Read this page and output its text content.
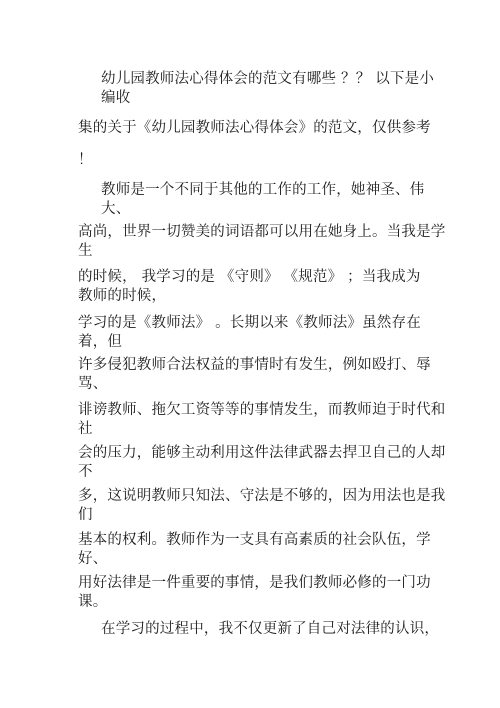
幼儿园教师法心得体会的范文有哪些 ？？ 以下是小
编收
集的关于《幼儿园教师法心得体会》的范文，仅供参考
！
教师是一个不同于其他的工作的工作，她神圣、伟
大、
高尚，世界一切赞美的词语都可以用在她身上。当我是学
生
的时候， 我学习的是 《守则》 《规范》 ；当我成为
教师的时候，
学习的是《教师法》 。长期以来《教师法》虽然存在
着，但
许多侵犯教师合法权益的事情时有发生，例如殴打、辱
骂、
诽谤教师、拖欠工资等等的事情发生，而教师迫于时代和
社
会的压力，能够主动利用这件法律武器去捍卫自己的人却
不
多，这说明教师只知法、守法是不够的，因为用法也是我
们
基本的权利。教师作为一支具有高素质的社会队伍，学
好、
用好法律是一件重要的事情，是我们教师必修的一门功
课。
在学习的过程中，我不仅更新了自己对法律的认识，
